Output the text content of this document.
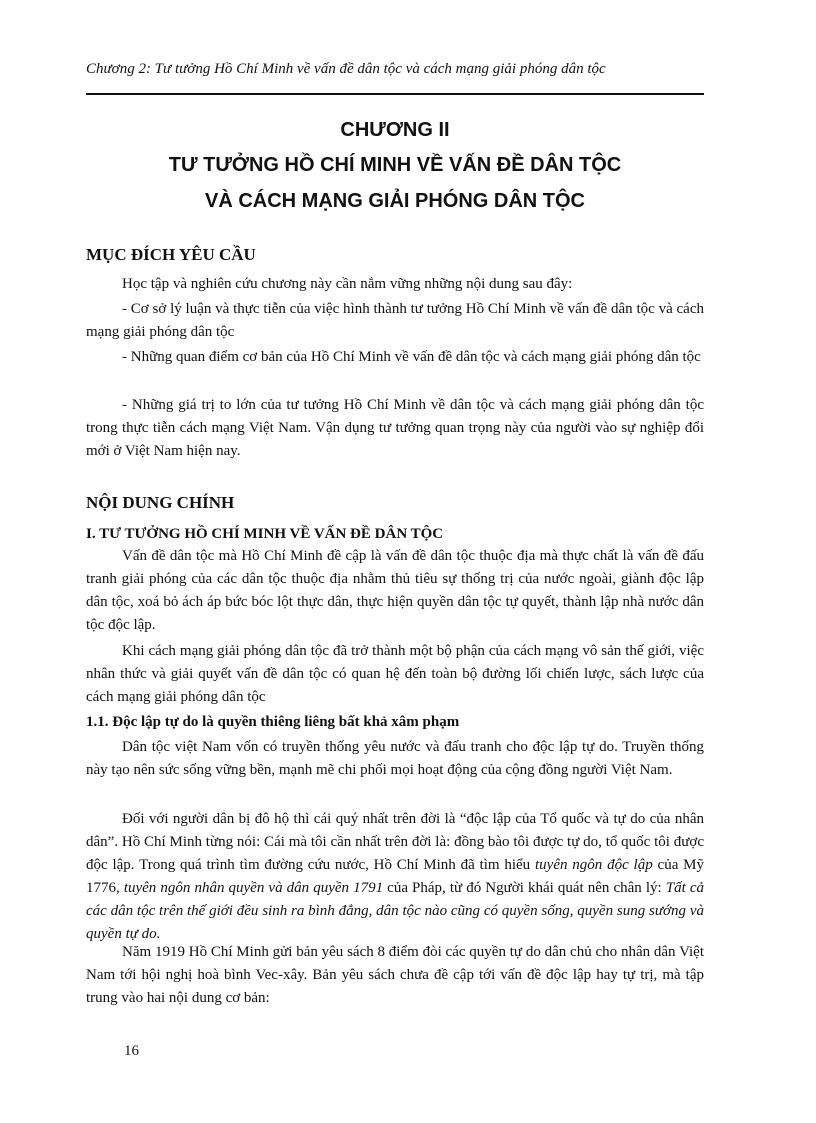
Chương 2: Tư tưởng Hồ Chí Minh về vấn đề dân tộc và cách mạng giải phóng dân tộc
CHƯƠNG II
TƯ TƯỞNG HỒ CHÍ MINH VỀ VẤN ĐỀ DÂN TỘC
VÀ CÁCH MẠNG GIẢI PHÓNG DÂN TỘC
MỤC ĐÍCH YÊU CẦU

Học tập và nghiên cứu chương này cần nắm vững những nội dung sau đây:

- Cơ sở lý luận và thực tiễn của việc hình thành tư tưởng Hồ Chí Minh về vấn đề dân tộc và cách mạng giải phóng dân tộc

- Những quan điểm cơ bản của Hồ Chí Minh về vấn đề dân tộc và cách mạng giải phóng dân tộc

- Những giá trị to lớn của tư tưởng Hồ Chí Minh về dân tộc và cách mạng giải phóng dân tộc trong thực tiễn cách mạng Việt Nam. Vận dụng tư tưởng quan trọng này của người vào sự nghiệp đổi mới ở Việt Nam hiện nay.

NỘI DUNG CHÍNH
I. TƯ TƯỞNG HỒ CHÍ MINH VỀ VẤN ĐỀ DÂN TỘC

Vấn đề dân tộc mà Hồ Chí Minh đề cập là vấn đề dân tộc thuộc địa mà thực chất là vấn đề đấu tranh giải phóng của các dân tộc thuộc địa nhằm thủ tiêu sự thống trị của nước ngoài, giành độc lập dân tộc, xoá bỏ ách áp bức bóc lột thực dân, thực hiện quyền dân tộc tự quyết, thành lập nhà nước dân tộc độc lập.

Khi cách mạng giải phóng dân tộc đã trở thành một bộ phận của cách mạng vô sản thế giới, việc nhân thức và giải quyết vấn đề dân tộc có quan hệ đến toàn bộ đường lối chiến lược, sách lược của cách mạng giải phóng dân tộc

1.1. Độc lập tự do là quyền thiêng liêng bất khả xâm phạm

Dân tộc việt Nam vốn có truyền thống yêu nước và đấu tranh cho độc lập tự do. Truyền thống này tạo nên sức sống vững bền, mạnh mẽ chi phối mọi hoạt động của cộng đồng người Việt Nam.

Đối với người dân bị đô hộ thì cái quý nhất trên đời là “độc lập của Tổ quốc và tự do của nhân dân”. Hồ Chí Minh từng nói: Cái mà tôi cần nhất trên đời là: đồng bào tôi được tự do, tổ quốc tôi được độc lập. Trong quá trình tìm đường cứu nước, Hồ Chí Minh đã tìm hiểu tuyên ngôn độc lập của Mỹ 1776, tuyên ngôn nhân quyền và dân quyền 1791 của Pháp, từ đó Người khái quát nên chân lý: Tất cả các dân tộc trên thế giới đều sinh ra bình đẳng, dân tộc nào cũng có quyền sống, quyền sung sướng và quyền tự do.

Năm 1919 Hồ Chí Minh gửi bản yêu sách 8 điểm đòi các quyền tự do dân chủ cho nhân dân Việt Nam tới hội nghị hoà bình Vec-xây. Bản yêu sách chưa đề cập tới vấn đề độc lập hay tự trị, mà tập trung vào hai nội dung cơ bản:

16
